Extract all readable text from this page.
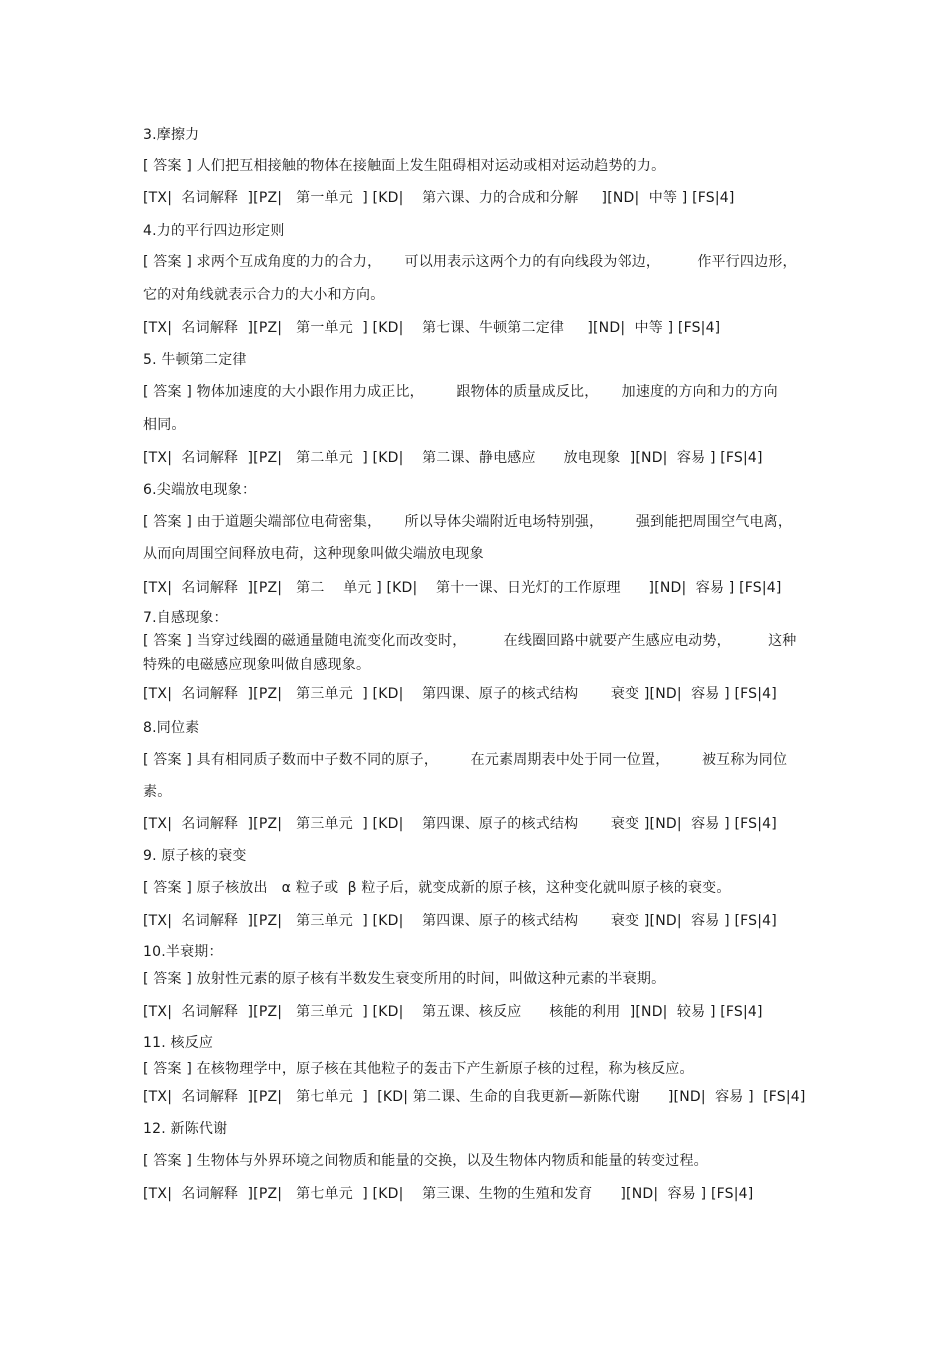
3.摩擦力
[ 答案 ] 人们把互相接触的物体在接触面上发生阻碍相对运动或相对运动趋势的力。
[TX|  名词解释  ][PZ|   第一单元  ] [KD|    第六课、力的合成和分解     ][ND|  中等 ] [FS|4]
4.力的平行四边形定则
[ 答案 ] 求两个互成角度的力的合力，     可以用表示这两个力的有向线段为邻边，        作平行四边形，
它的对角线就表示合力的大小和方向。
[TX|  名词解释  ][PZ|   第一单元  ] [KD|    第七课、牛顿第二定律     ][ND|  中等 ] [FS|4]
5. 牛顿第二定律
[ 答案 ] 物体加速度的大小跟作用力成正比，       跟物体的质量成反比，     加速度的方向和力的方向
相同。
[TX|  名词解释  ][PZ|   第二单元  ] [KD|    第二课、静电感应      放电现象  ][ND|  容易 ] [FS|4]
6.尖端放电现象：
[ 答案 ] 由于道题尖端部位电荷密集，     所以导体尖端附近电场特别强，       强到能把周围空气电离，
从而向周围空间释放电荷，这种现象叫做尖端放电现象
[TX|  名词解释  ][PZ|   第二    单元 ] [KD|    第十一课、日光灯的工作原理      ][ND|  容易 ] [FS|4]
7.自感现象：
[ 答案 ] 当穿过线圈的磁通量随电流变化而改变时，        在线圈回路中就要产生感应电动势，        这种
特殊的电磁感应现象叫做自感现象。
[TX|  名词解释  ][PZ|   第三单元  ] [KD|    第四课、原子的核式结构       衰变 ][ND|  容易 ] [FS|4]
8.同位素
[ 答案 ] 具有相同质子数而中子数不同的原子，       在元素周期表中处于同一位置，       被互称为同位
素。
[TX|  名词解释  ][PZ|   第三单元  ] [KD|    第四课、原子的核式结构       衰变 ][ND|  容易 ] [FS|4]
9. 原子核的衰变
[ 答案 ] 原子核放出   α 粒子或  β 粒子后，就变成新的原子核，这种变化就叫原子核的衰变。
[TX|  名词解释  ][PZ|   第三单元  ] [KD|    第四课、原子的核式结构       衰变 ][ND|  容易 ] [FS|4]
10.半衰期：
[ 答案 ] 放射性元素的原子核有半数发生衰变所用的时间，叫做这种元素的半衰期。
[TX|  名词解释  ][PZ|   第三单元  ] [KD|    第五课、核反应      核能的利用  ][ND|  较易 ] [FS|4]
11. 核反应
[ 答案 ] 在核物理学中，原子核在其他粒子的轰击下产生新原子核的过程，称为核反应。
[TX|  名词解释  ][PZ|   第七单元  ]  [KD| 第二课、生命的自我更新—新陈代谢      ][ND|  容易 ]  [FS|4]
12. 新陈代谢
[ 答案 ] 生物体与外界环境之间物质和能量的交换，以及生物体内物质和能量的转变过程。
[TX|  名词解释  ][PZ|   第七单元  ] [KD|    第三课、生物的生殖和发育      ][ND|  容易 ] [FS|4]
